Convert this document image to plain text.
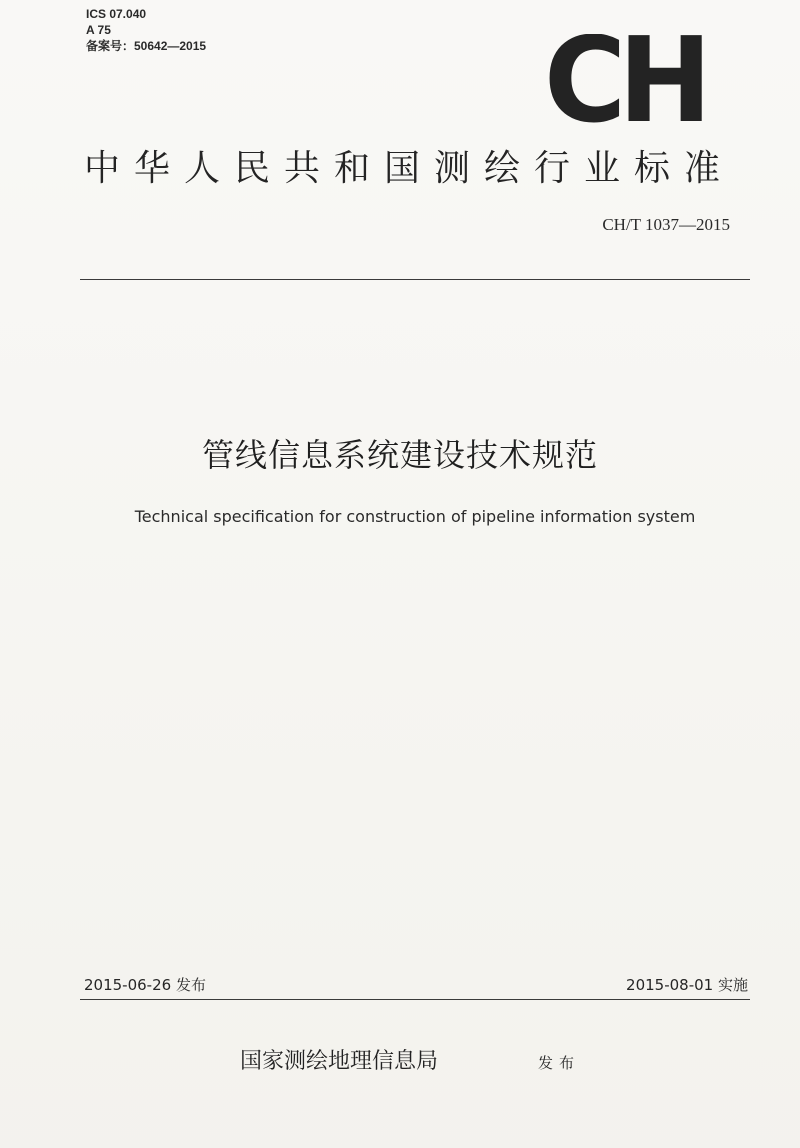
ICS 07.040
A 75
备案号：50642—2015	CH
中华人民共和国测绘行业标准
CH/T 1037—2015
管线信息系统建设技术规范
Technical specification for construction of pipeline information system
2015-06-26 发布	2015-08-01 实施
国家测绘地理信息局	发布
